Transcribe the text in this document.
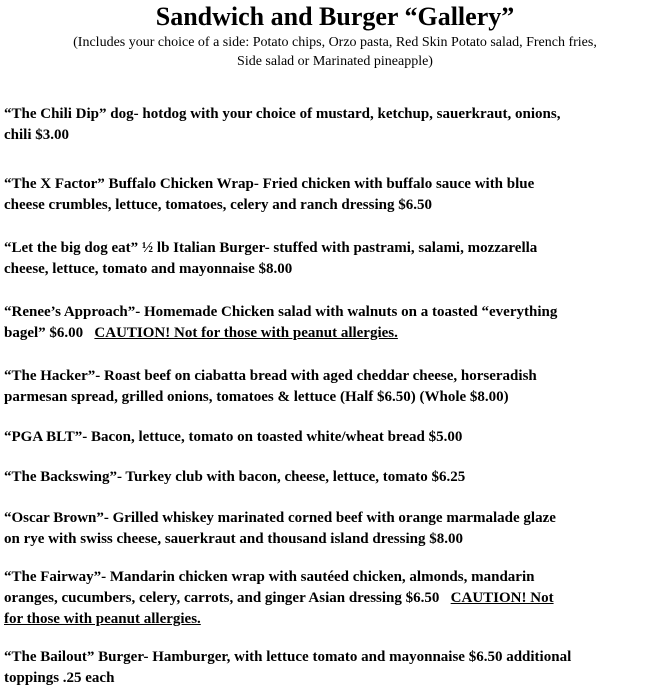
Sandwich and Burger “Gallery”
(Includes your choice of a side: Potato chips, Orzo pasta, Red Skin Potato salad, French fries,
Side salad or Marinated pineapple)
“The Chili Dip” dog- hotdog with your choice of mustard, ketchup, sauerkraut, onions,
chili $3.00
“The X Factor” Buffalo Chicken Wrap- Fried chicken with buffalo sauce with blue
cheese crumbles, lettuce, tomatoes, celery and ranch dressing $6.50
“Let the big dog eat” ½ lb Italian Burger- stuffed with pastrami, salami, mozzarella
cheese, lettuce, tomato and mayonnaise $8.00
“Renee’s Approach”- Homemade Chicken salad with walnuts on a toasted “everything
bagel” $6.00 CAUTION! Not for those with peanut allergies.
“The Hacker”- Roast beef on ciabatta bread with aged cheddar cheese, horseradish
parmesan spread, grilled onions, tomatoes & lettuce (Half $6.50) (Whole $8.00)
“PGA BLT”- Bacon, lettuce, tomato on toasted white/wheat bread $5.00
“The Backswing”- Turkey club with bacon, cheese, lettuce, tomato $6.25
“Oscar Brown”- Grilled whiskey marinated corned beef with orange marmalade glaze
on rye with swiss cheese, sauerkraut and thousand island dressing $8.00
“The Fairway”- Mandarin chicken wrap with sautéed chicken, almonds, mandarin
oranges, cucumbers, celery, carrots, and ginger Asian dressing $6.50 CAUTION! Not
for those with peanut allergies.
“The Bailout” Burger- Hamburger, with lettuce tomato and mayonnaise $6.50 additional
toppings .25 each
